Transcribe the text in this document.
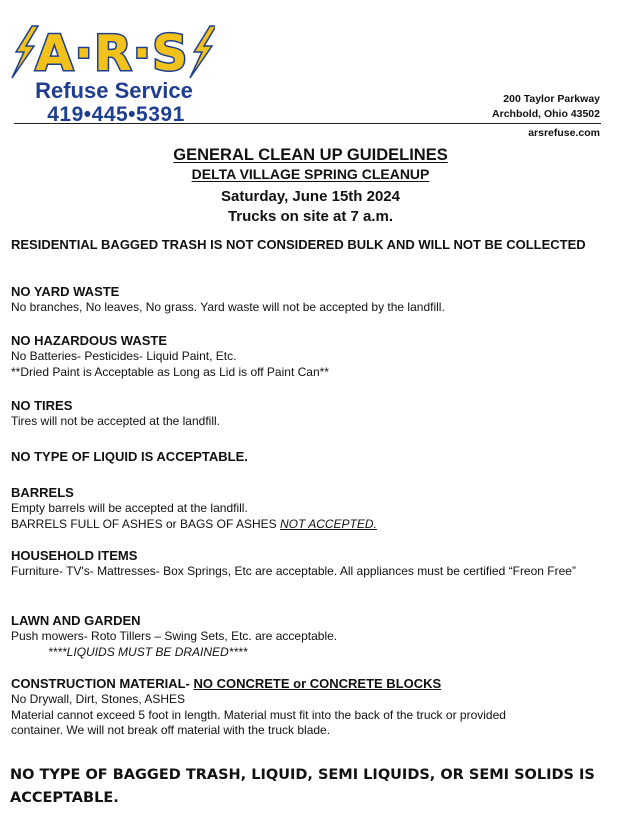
A·R·S
Refuse Service
419•445•5391
200 Taylor Parkway
Archbold, Ohio 43502
arsrefuse.com
GENERAL CLEAN UP GUIDELINES
DELTA VILLAGE SPRING CLEANUP
Saturday, June 15th 2024
Trucks on site at 7 a.m.
RESIDENTIAL BAGGED TRASH IS NOT CONSIDERED BULK AND WILL NOT BE COLLECTED
NO YARD WASTE
No branches, No leaves, No grass. Yard waste will not be accepted by the landfill.
NO HAZARDOUS WASTE
No Batteries- Pesticides- Liquid Paint, Etc.
**Dried Paint is Acceptable as Long as Lid is off Paint Can**
NO TIRES
Tires will not be accepted at the landfill.
NO TYPE OF LIQUID IS ACCEPTABLE.
BARRELS
Empty barrels will be accepted at the landfill.
BARRELS FULL OF ASHES or BAGS OF ASHES NOT ACCEPTED.
HOUSEHOLD ITEMS
Furniture- TV's- Mattresses- Box Springs, Etc are acceptable. All appliances must be certified “Freon Free”
LAWN AND GARDEN
Push mowers- Roto Tillers – Swing Sets, Etc. are acceptable.
****LIQUIDS MUST BE DRAINED****
CONSTRUCTION MATERIAL- NO CONCRETE or CONCRETE BLOCKS
No Drywall, Dirt, Stones, ASHES
Material cannot exceed 5 foot in length. Material must fit into the back of the truck or provided container. We will not break off material with the truck blade.
NO TYPE OF BAGGED TRASH, LIQUID, SEMI LIQUIDS, OR SEMI SOLIDS IS ACCEPTABLE.
